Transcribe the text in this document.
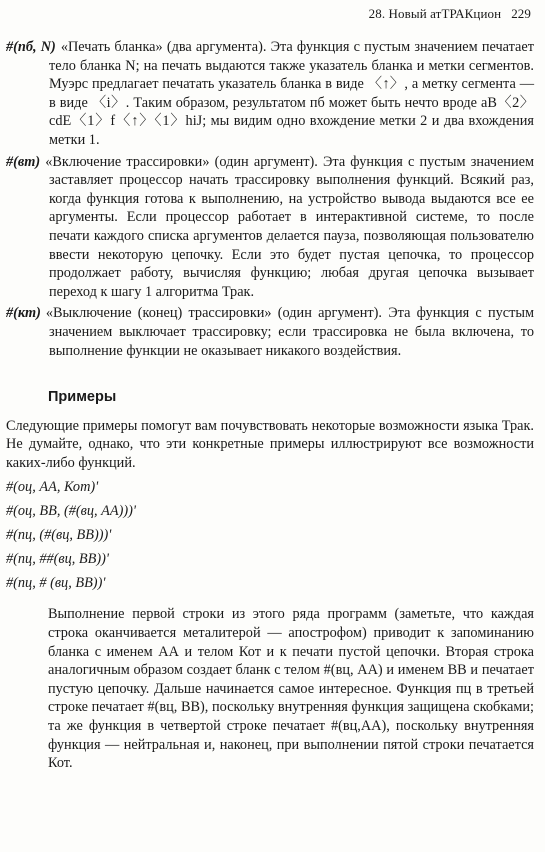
28. Новый атТРАКцион 229

#(пб, N) «Печать бланка» (два аргумента). Эта функция с пустым значением печатает тело бланка N; на печать выдаются также указатель бланка и метки сегментов. Муэрс предлагает печатать указатель бланка в виде 〈↑〉, а метку сегмента — в виде 〈i〉. Таким образом, результатом пб может быть нечто вроде aB〈2〉cdE〈1〉f〈↑〉〈1〉hiJ; мы видим одно вхождение метки 2 и два вхождения метки 1.

#(вт) «Включение трассировки» (один аргумент). Эта функция с пустым значением заставляет процессор начать трассировку выполнения функций. Всякий раз, когда функция готова к выполнению, на устройство вывода выдаются все ее аргументы. Если процессор работает в интерактивной системе, то после печати каждого списка аргументов делается пауза, позволяющая пользователю ввести некоторую цепочку. Если это будет пустая цепочка, то процессор продолжает работу, вычисляя функцию; любая другая цепочка вызывает переход к шагу 1 алгоритма Трак.

#(кт) «Выключение (конец) трассировки» (один аргумент). Эта функция с пустым значением выключает трассировку; если трассировка не была включена, то выполнение функции не оказывает никакого воздействия.

Примеры

Следующие примеры помогут вам почувствовать некоторые возможности языка Трак. Не думайте, однако, что эти конкретные примеры иллюстрируют все возможности каких-либо функций.

#(оц, АА, Кот)'

#(оц, ВВ, (#(вц, АА)))'

#(пц, (#(вц, ВВ)))'

#(пц, ##(вц, ВВ))'

#(пц, # (вц, ВВ))'

Выполнение первой строки из этого ряда программ (заметьте, что каждая строка оканчивается металитерой — апострофом) приводит к запоминанию бланка с именем АА и телом Кот и к печати пустой цепочки. Вторая строка аналогичным образом создает бланк с телом #(вц, АА) и именем ВВ и печатает пустую цепочку. Дальше начинается самое интересное. Функция пц в третьей строке печатает #(вц, ВВ), поскольку внутренняя функция защищена скобками; та же функция в четвертой строке печатает #(вц,АА), поскольку внутренняя функция — нейтральная и, наконец, при выполнении пятой строки печатается Кот.
